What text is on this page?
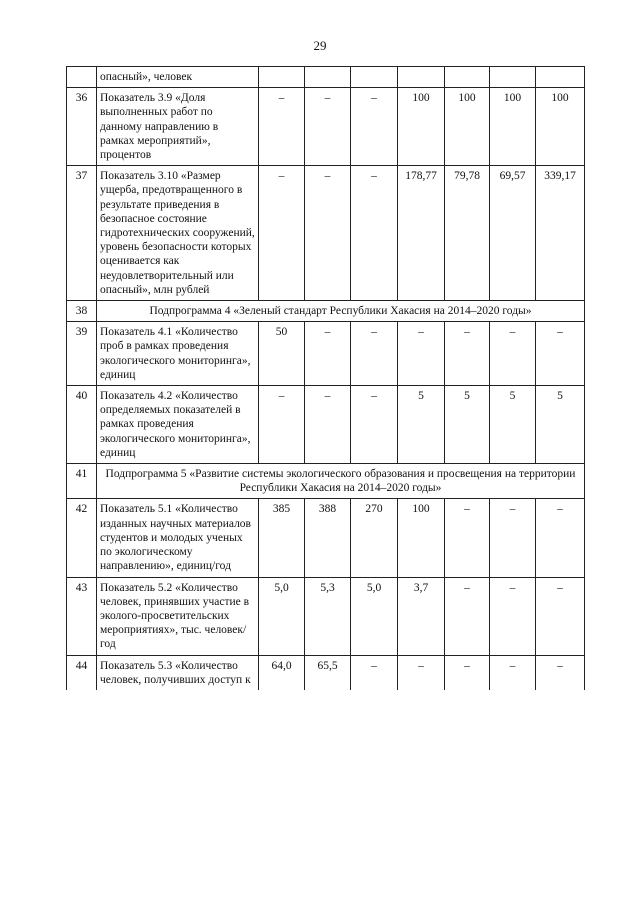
29
	опасный», человек							
36	Показатель 3.9 «Доля выполненных работ по данному направлению в рамках мероприятий», процентов	–	–	–	100	100	100	100
37	Показатель 3.10 «Размер ущерба, предотвращенного в результате приведения в безопасное состояние гидротехнических сооружений, уровень безопасности которых оценивается как неудовлетворительный или опасный», млн рублей	–	–	–	178,77	79,78	69,57	339,17
38	Подпрограмма 4 «Зеленый стандарт Республики Хакасия на 2014–2020 годы»							
39	Показатель 4.1 «Количество проб в рамках проведения экологического мониторинга», единиц	50	–	–	–	–	–	–
40	Показатель 4.2 «Количество определяемых показателей в рамках проведения экологического мониторинга», единиц	–	–	–	5	5	5	5
41	Подпрограмма 5 «Развитие системы экологического образования и просвещения на территории Республики Хакасия на 2014–2020 годы»							
42	Показатель 5.1 «Количество изданных научных материалов студентов и молодых ученых по экологическому направлению», единиц/год	385	388	270	100	–	–	–
43	Показатель 5.2 «Количество человек, принявших участие в эколого-просветительских мероприятиях», тыс. человек/год	5,0	5,3	5,0	3,7	–	–	–
44	Показатель 5.3 «Количество человек, получивших доступ к	64,0	65,5	–	–	–	–	–
